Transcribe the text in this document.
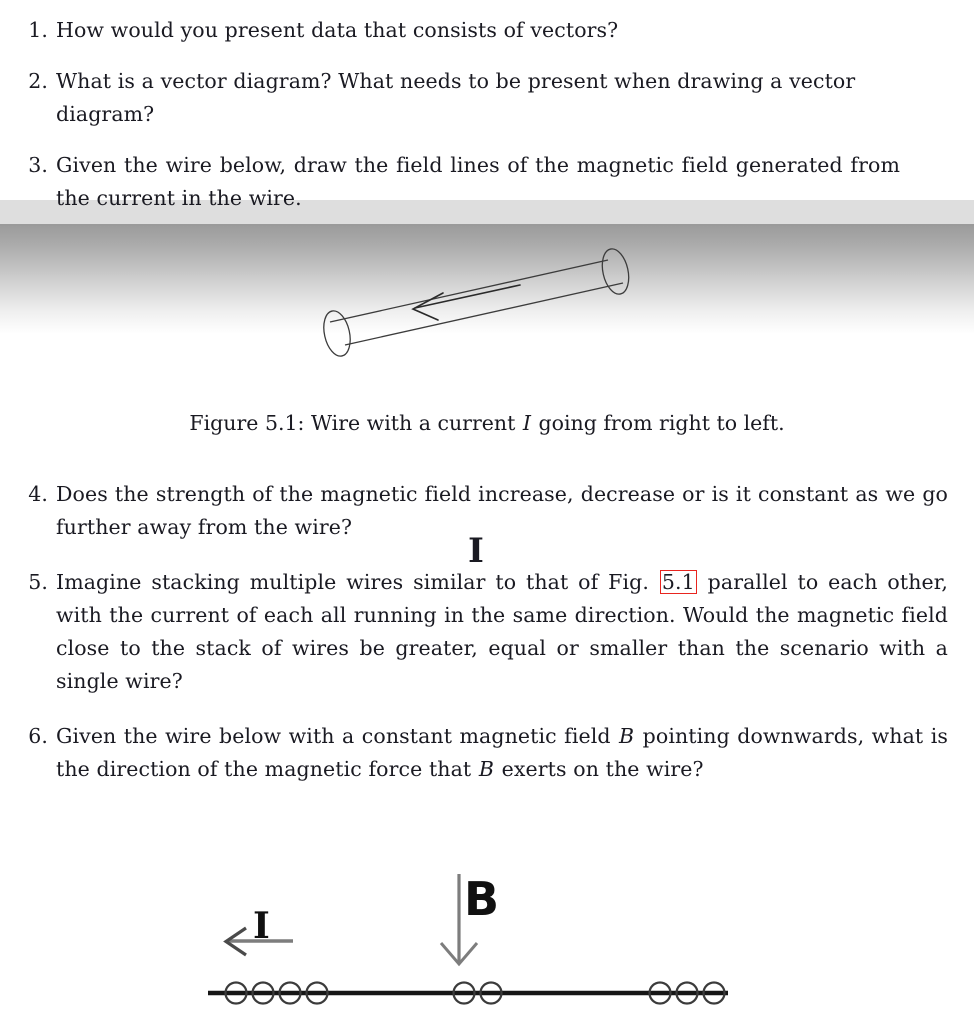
1. How would you present data that consists of vectors?
2. What is a vector diagram? What needs to be present when drawing a vector diagram?
3. Given the wire below, draw the field lines of the magnetic field generated from the current in the wire.
I
Figure 5.1: Wire with a current I going from right to left.
4. Does the strength of the magnetic field increase, decrease or is it constant as we go further away from the wire?
5. Imagine stacking multiple wires similar to that of Fig. 5.1 parallel to each other, with the current of each all running in the same direction. Would the magnetic field close to the stack of wires be greater, equal or smaller than the scenario with a single wire?
6. Given the wire below with a constant magnetic field B pointing downwards, what is the direction of the magnetic force that B exerts on the wire?
B
I
